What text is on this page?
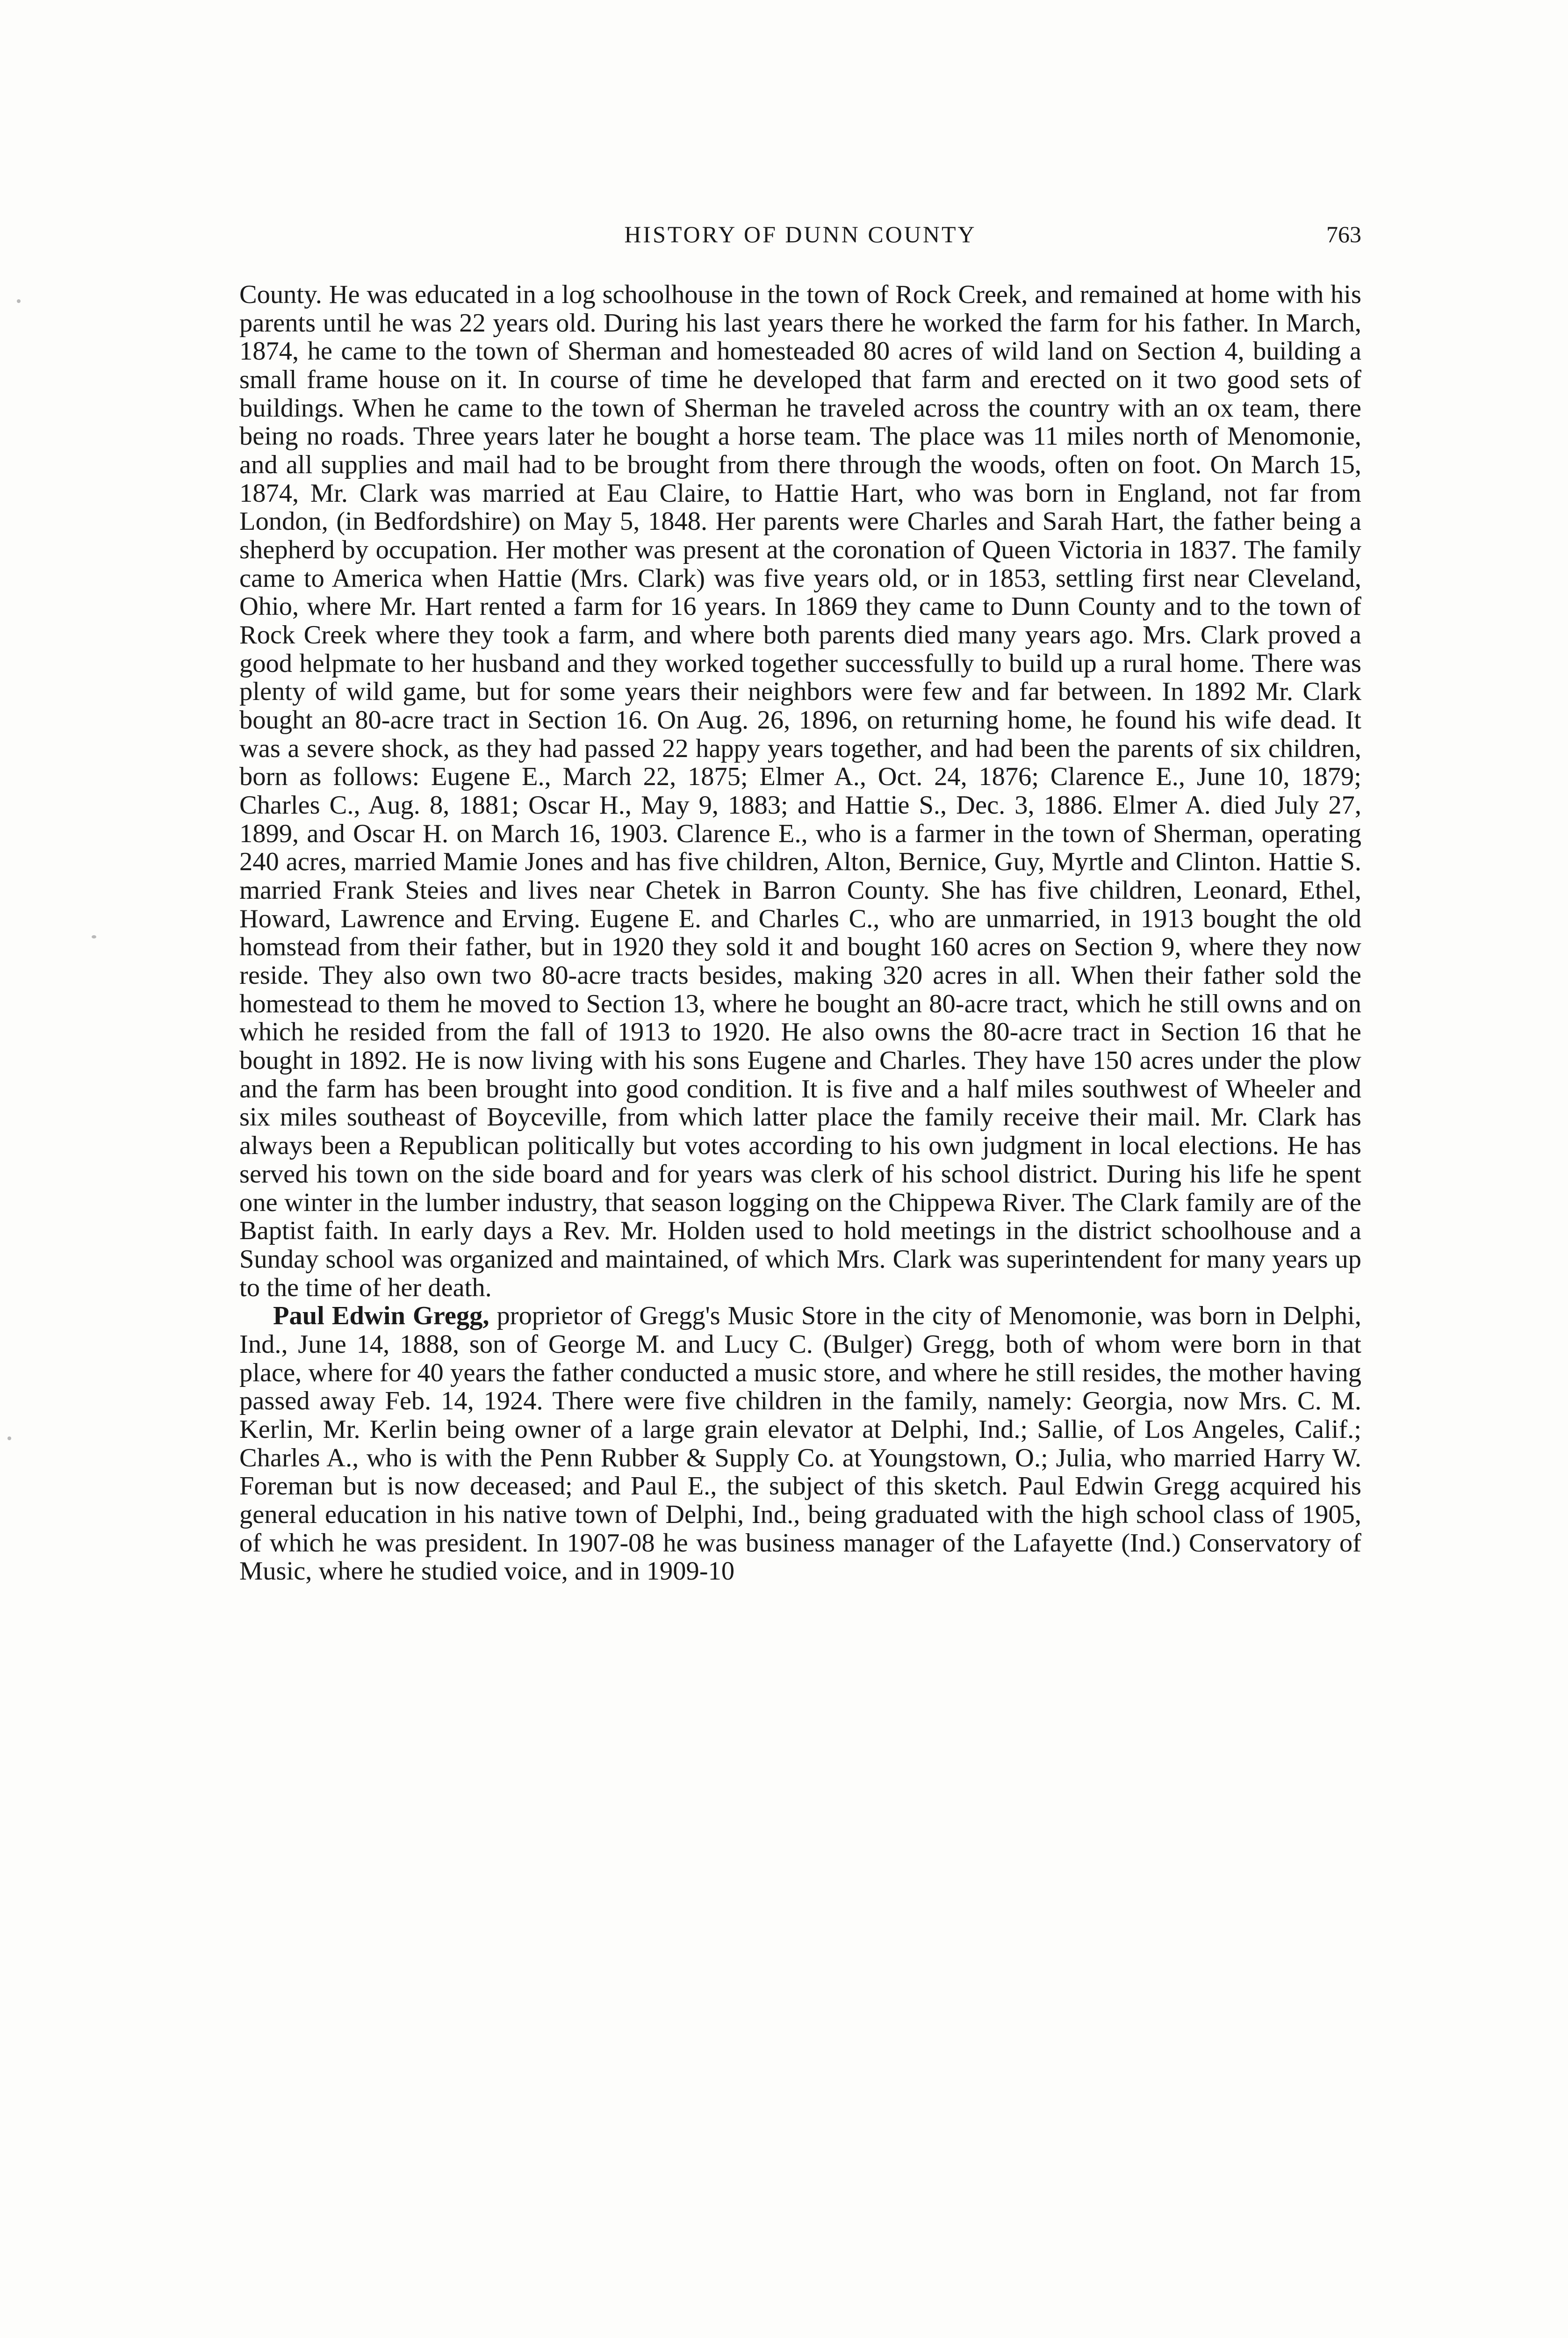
HISTORY OF DUNN COUNTY	763

County. He was educated in a log schoolhouse in the town of Rock Creek, and remained at home with his parents until he was 22 years old. During his last years there he worked the farm for his father. In March, 1874, he came to the town of Sherman and homesteaded 80 acres of wild land on Section 4, building a small frame house on it. In course of time he developed that farm and erected on it two good sets of buildings. When he came to the town of Sherman he traveled across the country with an ox team, there being no roads. Three years later he bought a horse team. The place was 11 miles north of Menomonie, and all supplies and mail had to be brought from there through the woods, often on foot. On March 15, 1874, Mr. Clark was married at Eau Claire, to Hattie Hart, who was born in England, not far from London, (in Bedfordshire) on May 5, 1848. Her parents were Charles and Sarah Hart, the father being a shepherd by occupation. Her mother was present at the coronation of Queen Victoria in 1837. The family came to America when Hattie (Mrs. Clark) was five years old, or in 1853, settling first near Cleveland, Ohio, where Mr. Hart rented a farm for 16 years. In 1869 they came to Dunn County and to the town of Rock Creek where they took a farm, and where both parents died many years ago. Mrs. Clark proved a good helpmate to her husband and they worked together successfully to build up a rural home. There was plenty of wild game, but for some years their neighbors were few and far between. In 1892 Mr. Clark bought an 80-acre tract in Section 16. On Aug. 26, 1896, on returning home, he found his wife dead. It was a severe shock, as they had passed 22 happy years together, and had been the parents of six children, born as follows: Eugene E., March 22, 1875; Elmer A., Oct. 24, 1876; Clarence E., June 10, 1879; Charles C., Aug. 8, 1881; Oscar H., May 9, 1883; and Hattie S., Dec. 3, 1886. Elmer A. died July 27, 1899, and Oscar H. on March 16, 1903. Clarence E., who is a farmer in the town of Sherman, operating 240 acres, married Mamie Jones and has five children, Alton, Bernice, Guy, Myrtle and Clinton. Hattie S. married Frank Steies and lives near Chetek in Barron County. She has five children, Leonard, Ethel, Howard, Lawrence and Erving. Eugene E. and Charles C., who are unmarried, in 1913 bought the old homstead from their father, but in 1920 they sold it and bought 160 acres on Section 9, where they now reside. They also own two 80-acre tracts besides, making 320 acres in all. When their father sold the homestead to them he moved to Section 13, where he bought an 80-acre tract, which he still owns and on which he resided from the fall of 1913 to 1920. He also owns the 80-acre tract in Section 16 that he bought in 1892. He is now living with his sons Eugene and Charles. They have 150 acres under the plow and the farm has been brought into good condition. It is five and a half miles southwest of Wheeler and six miles southeast of Boyceville, from which latter place the family receive their mail. Mr. Clark has always been a Republican politically but votes according to his own judgment in local elections. He has served his town on the side board and for years was clerk of his school district. During his life he spent one winter in the lumber industry, that season logging on the Chippewa River. The Clark family are of the Baptist faith. In early days a Rev. Mr. Holden used to hold meetings in the district schoolhouse and a Sunday school was organized and maintained, of which Mrs. Clark was superintendent for many years up to the time of her death.

Paul Edwin Gregg, proprietor of Gregg's Music Store in the city of Menomonie, was born in Delphi, Ind., June 14, 1888, son of George M. and Lucy C. (Bulger) Gregg, both of whom were born in that place, where for 40 years the father conducted a music store, and where he still resides, the mother having passed away Feb. 14, 1924. There were five children in the family, namely: Georgia, now Mrs. C. M. Kerlin, Mr. Kerlin being owner of a large grain elevator at Delphi, Ind.; Sallie, of Los Angeles, Calif.; Charles A., who is with the Penn Rubber & Supply Co. at Youngstown, O.; Julia, who married Harry W. Foreman but is now deceased; and Paul E., the subject of this sketch. Paul Edwin Gregg acquired his general education in his native town of Delphi, Ind., being graduated with the high school class of 1905, of which he was president. In 1907-08 he was business manager of the Lafayette (Ind.) Conservatory of Music, where he studied voice, and in 1909-10
